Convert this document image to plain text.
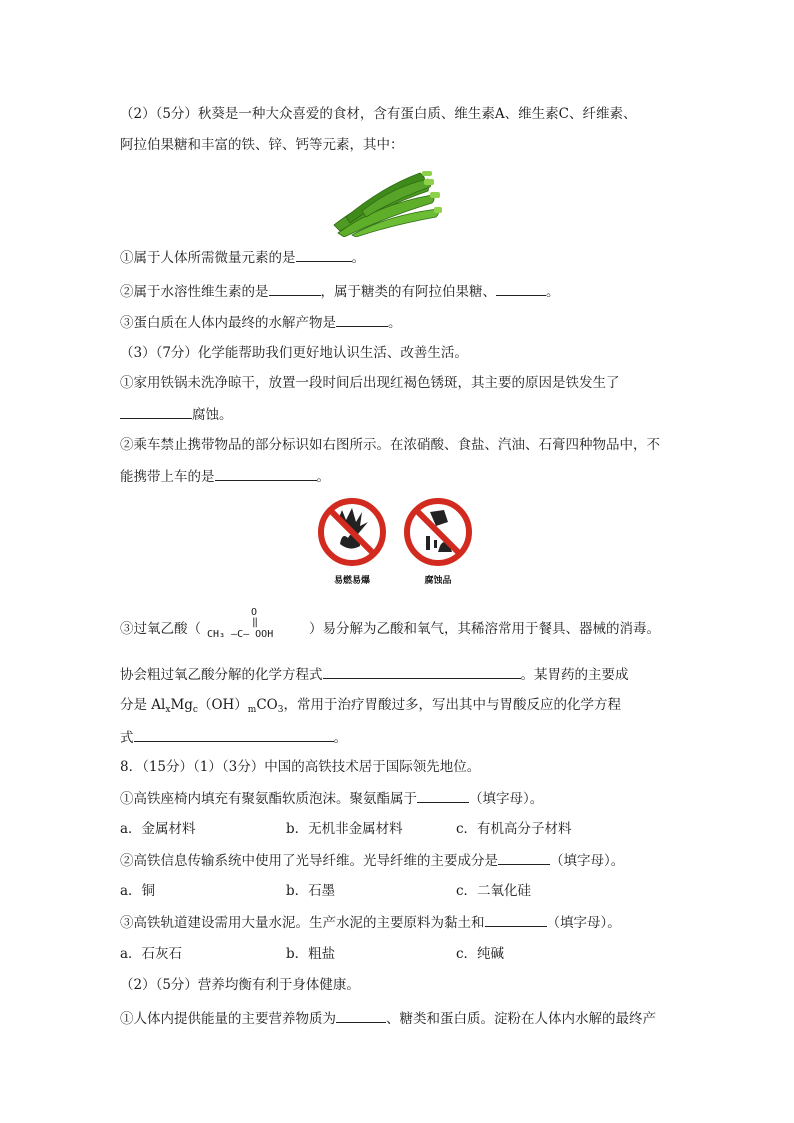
（2）（5分）秋葵是一种大众喜爱的食材，含有蛋白质、维生素A、维生素C、纤维素、
阿拉伯果糖和丰富的铁、锌、钙等元素，其中：
①属于人体所需微量元素的是	。
②属于水溶性维生素的是	，属于糖类的有阿拉伯果糖、	。
③蛋白质在人体内最终的水解产物是	。
（3）（7分）化学能帮助我们更好地认识生活、改善生活。
①家用铁锅未洗净晾干，放置一段时间后出现红褐色锈斑，其主要的原因是铁发生了
腐蚀。
②乘车禁止携带物品的部分标识如右图所示。在浓硝酸、食盐、汽油、石膏四种物品中，不
能携带上车的是	。
易燃易爆	腐蚀品
③过氧乙酸（	）易分解为乙酸和氧气，其稀溶常用于餐具、器械的消毒。
O
‖
CH₃ —C— OOH
协会粗过氧乙酸分解的化学方程式	。某胃药的主要成
分是 $Al_xMg_c(OH)_mCO_3$，常用于治疗胃酸过多，写出其中与胃酸反应的化学方程
式	。
8．（15分）（1）（3分）中国的高铁技术居于国际领先地位。
①高铁座椅内填充有聚氨酯软质泡沫。聚氨酯属于	（填字母）。
a．金属材料	b．无机非金属材料	c．有机高分子材料
②高铁信息传输系统中使用了光导纤维。光导纤维的主要成分是	（填字母）。
a．铜	b．石墨	c．二氧化硅
③高铁轨道建设需用大量水泥。生产水泥的主要原料为黏土和	（填字母）。
a．石灰石	b．粗盐	c．纯碱
（2）（5分）营养均衡有利于身体健康。
①人体内提供能量的主要营养物质为	、糖类和蛋白质。淀粉在人体内水解的最终产
